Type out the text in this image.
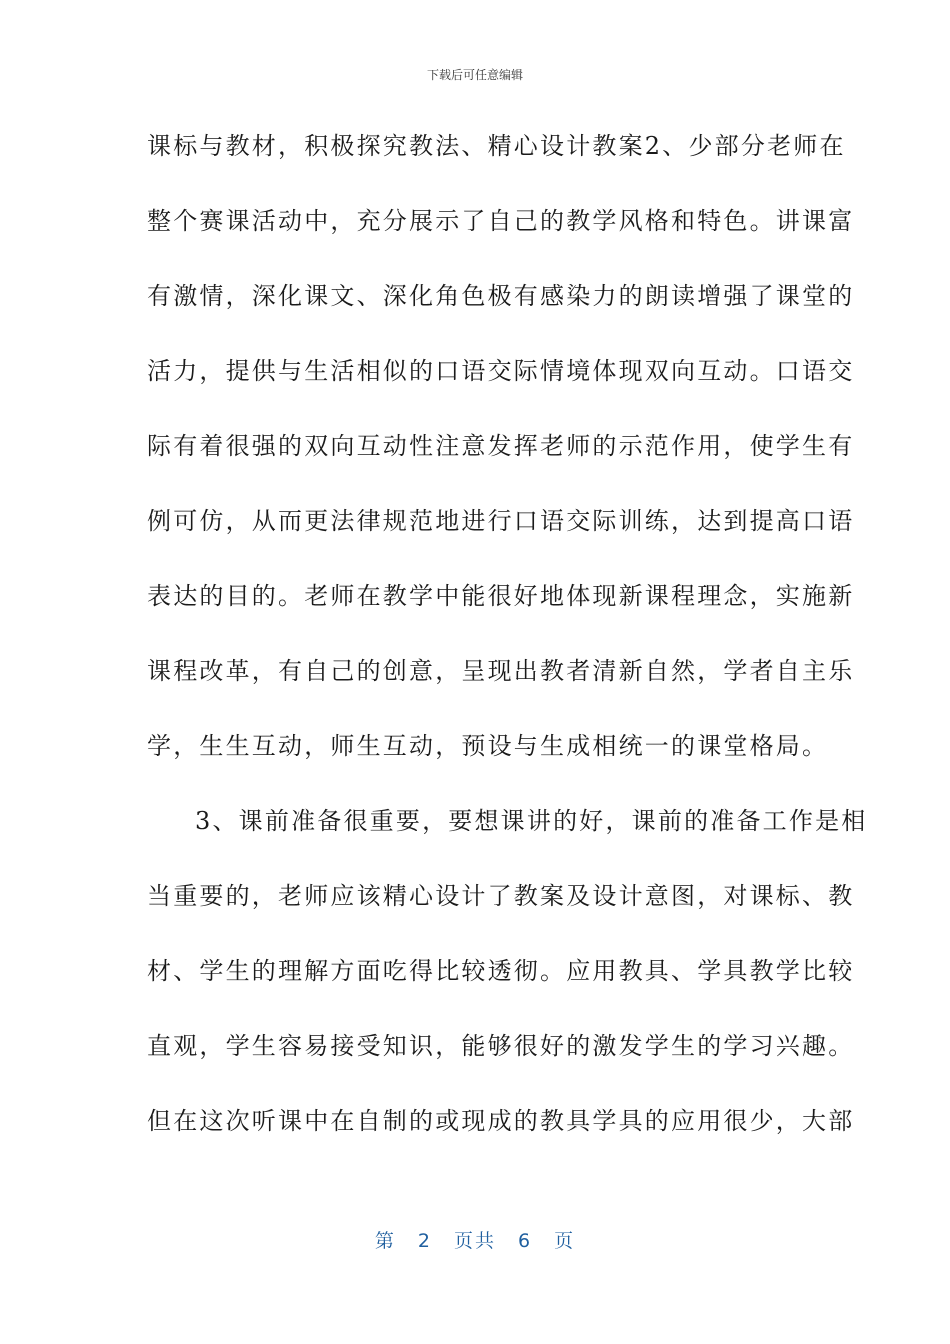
下载后可任意编辑
课标与教材，积极探究教法、精心设计教案2、少部分老师在
整个赛课活动中，充分展示了自己的教学风格和特色。讲课富
有激情，深化课文、深化角色极有感染力的朗读增强了课堂的
活力，提供与生活相似的口语交际情境体现双向互动。口语交
际有着很强的双向互动性注意发挥老师的示范作用，使学生有
例可仿，从而更法律规范地进行口语交际训练，达到提高口语
表达的目的。老师在教学中能很好地体现新课程理念，实施新
课程改革，有自己的创意，呈现出教者清新自然，学者自主乐
学，生生互动，师生互动，预设与生成相统一的课堂格局。
3、课前准备很重要，要想课讲的好，课前的准备工作是相
当重要的，老师应该精心设计了教案及设计意图，对课标、教
材、学生的理解方面吃得比较透彻。应用教具、学具教学比较
直观，学生容易接受知识，能够很好的激发学生的学习兴趣。
但在这次听课中在自制的或现成的教具学具的应用很少，大部
第 2 页共 6 页
